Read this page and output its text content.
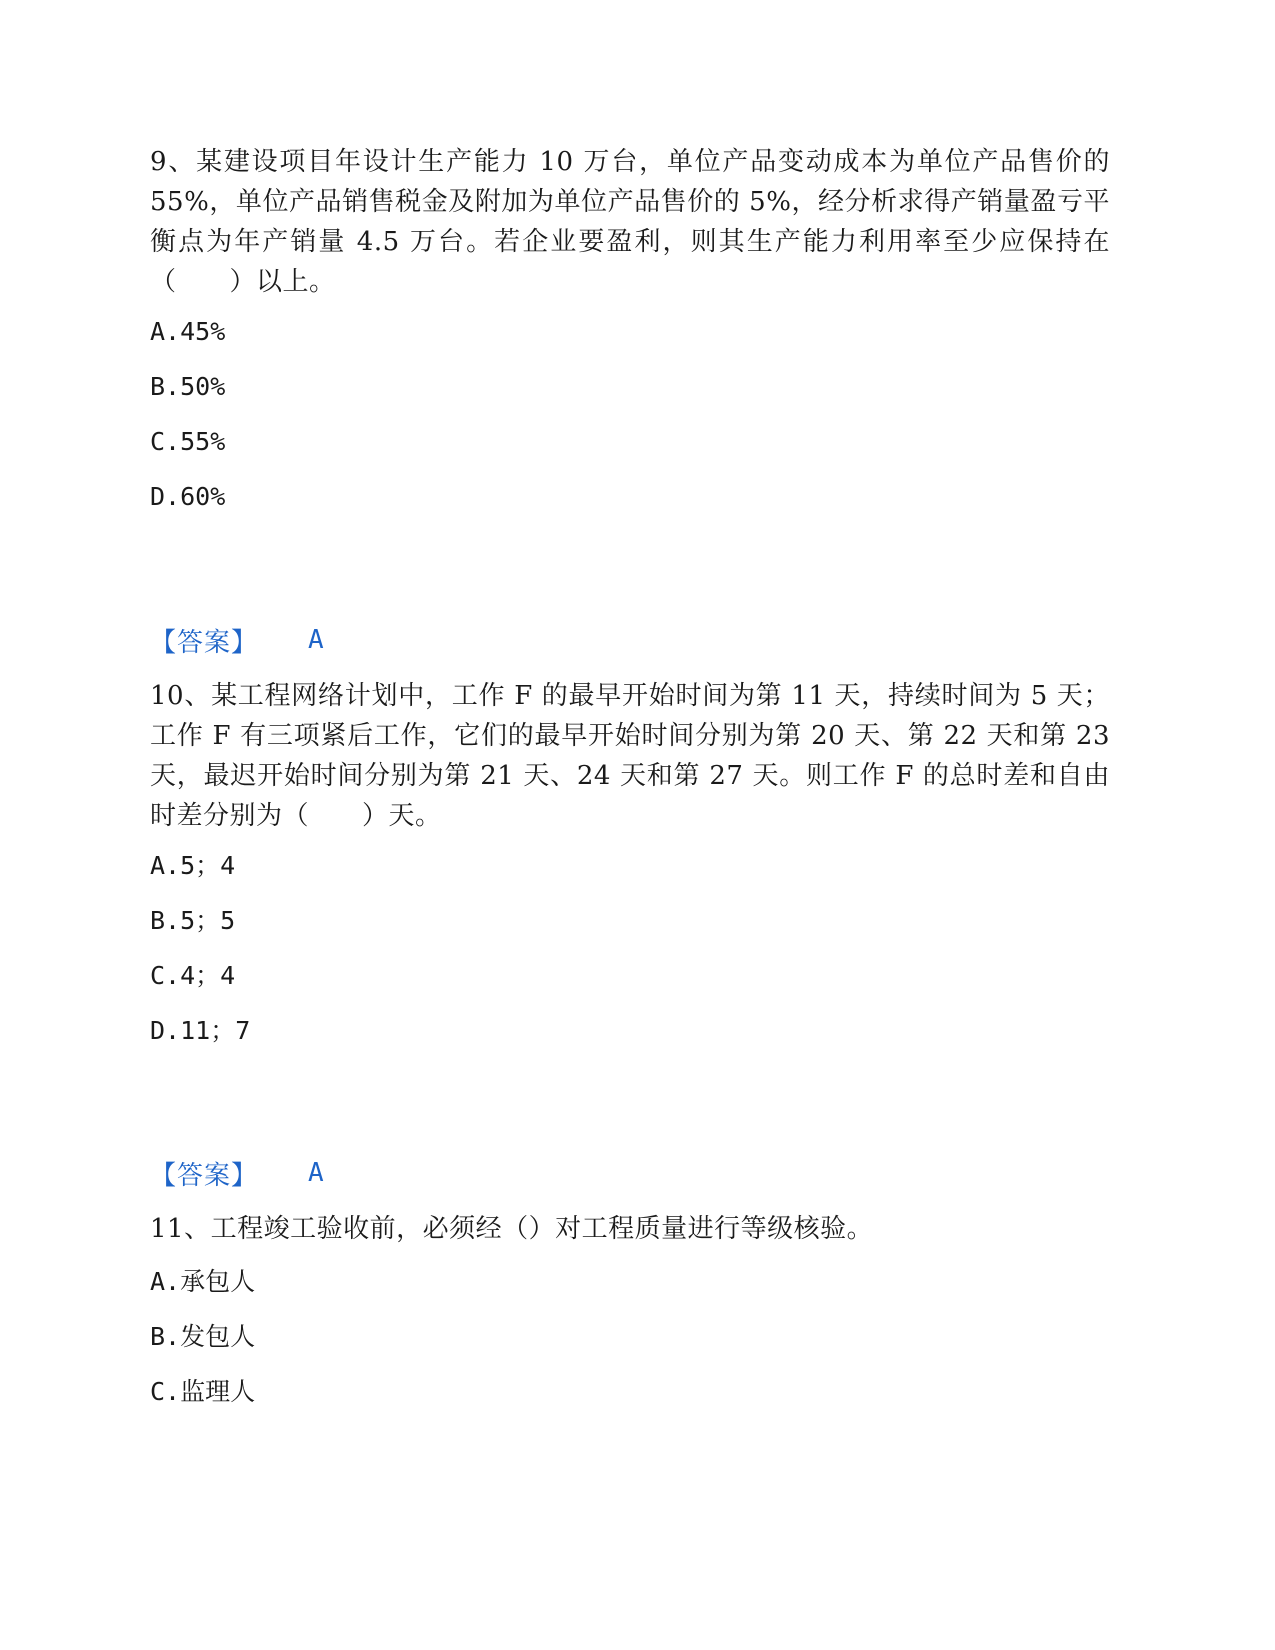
9、某建设项目年设计生产能力 10 万台，单位产品变动成本为单位产品售价的 55%，单位产品销售税金及附加为单位产品售价的 5%，经分析求得产销量盈亏平衡点为年产销量 4.5 万台。若企业要盈利，则其生产能力利用率至少应保持在（　　）以上。

A.45%

B.50%

C.55%

D.60%

【答案】 A

10、某工程网络计划中，工作 F 的最早开始时间为第 11 天，持续时间为 5 天；工作 F 有三项紧后工作，它们的最早开始时间分别为第 20 天、第 22 天和第 23 天，最迟开始时间分别为第 21 天、24 天和第 27 天。则工作 F 的总时差和自由时差分别为（　　）天。

A.5；4

B.5；5

C.4；4

D.11；7

【答案】 A

11、工程竣工验收前，必须经（）对工程质量进行等级核验。

A.承包人

B.发包人

C.监理人
